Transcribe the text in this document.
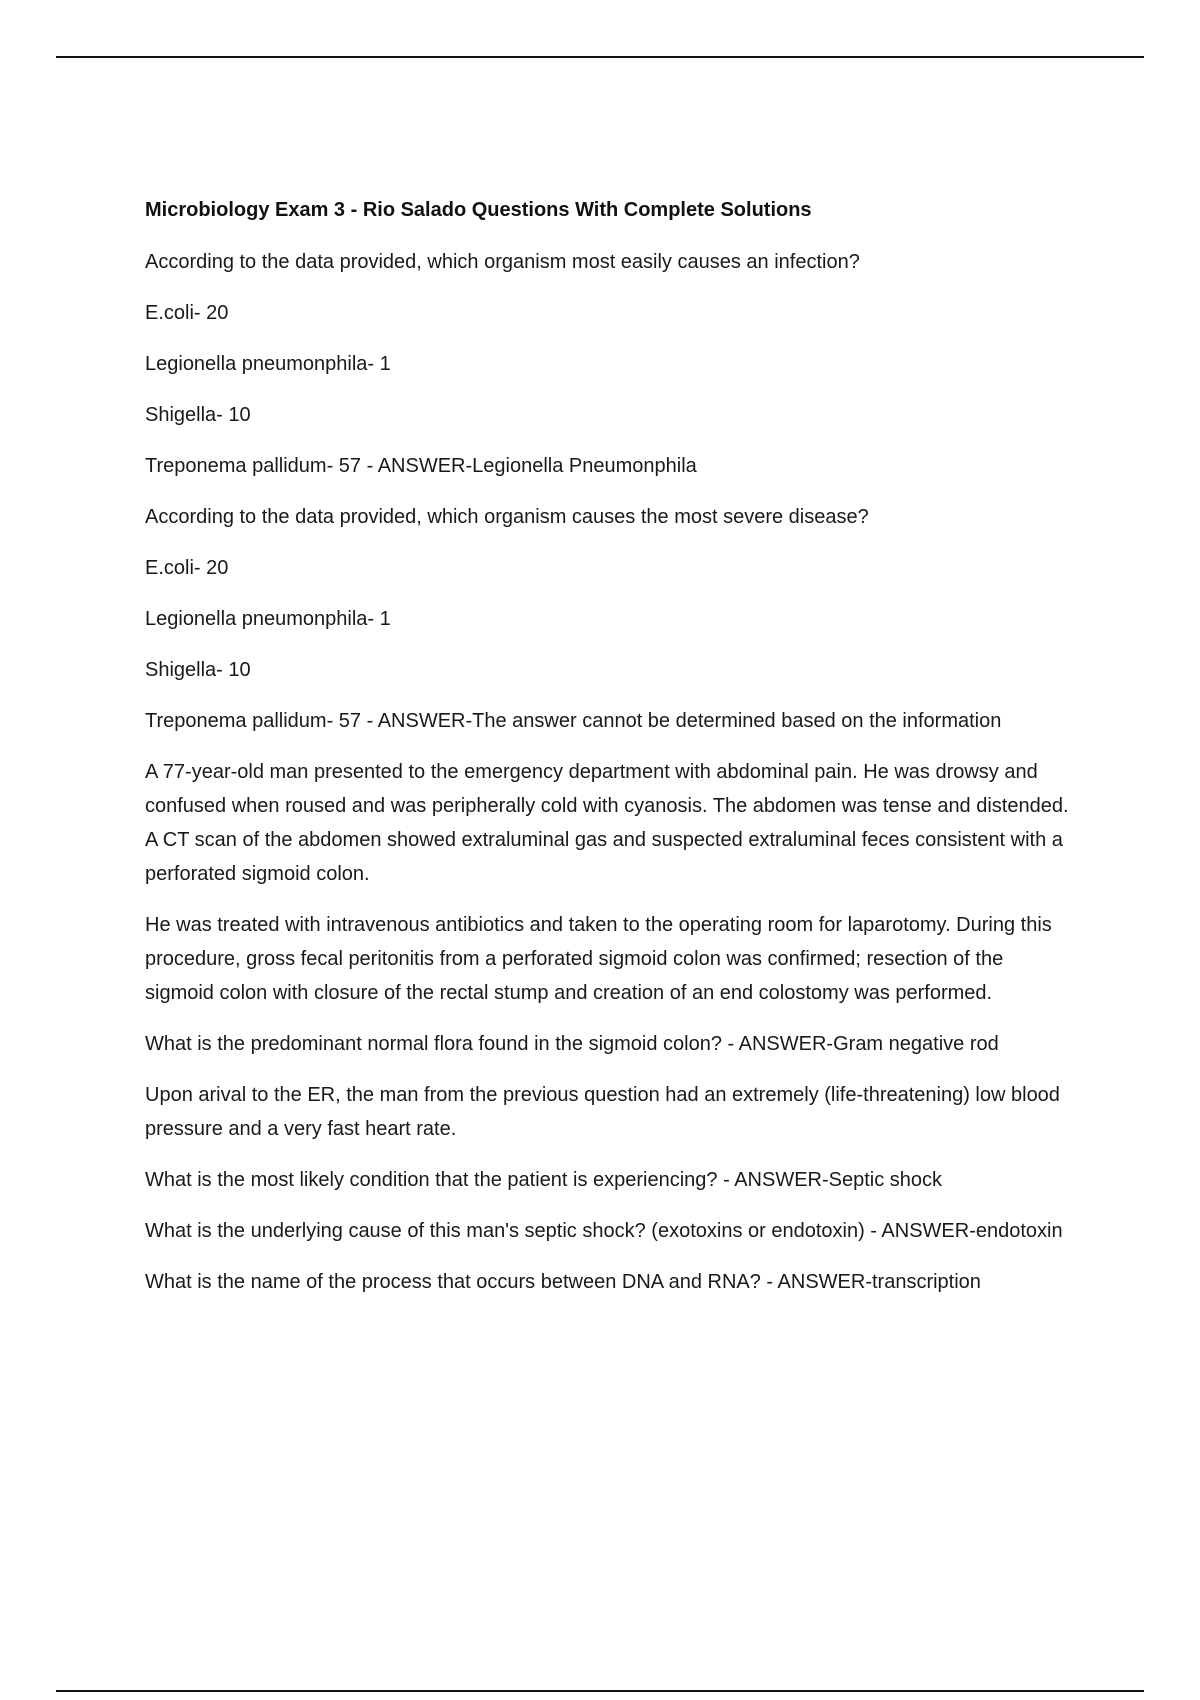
Microbiology Exam 3 - Rio Salado Questions With Complete Solutions

According to the data provided, which organism most easily causes an infection?

E.coli- 20

Legionella pneumonphila- 1

Shigella- 10

Treponema pallidum- 57 - ANSWER-Legionella Pneumonphila

According to the data provided, which organism causes the most severe disease?

E.coli- 20

Legionella pneumonphila- 1

Shigella- 10

Treponema pallidum- 57 - ANSWER-The answer cannot be determined based on the information

A 77-year-old man presented to the emergency department with abdominal pain. He was drowsy and confused when roused and was peripherally cold with cyanosis. The abdomen was tense and distended. A CT scan of the abdomen showed extraluminal gas and suspected extraluminal feces consistent with a perforated sigmoid colon.

He was treated with intravenous antibiotics and taken to the operating room for laparotomy. During this procedure, gross fecal peritonitis from a perforated sigmoid colon was confirmed; resection of the sigmoid colon with closure of the rectal stump and creation of an end colostomy was performed.

What is the predominant normal flora found in the sigmoid colon? - ANSWER-Gram negative rod

Upon arival to the ER, the man from the previous question had an extremely (life-threatening) low blood pressure and a very fast heart rate.

What is the most likely condition that the patient is experiencing? - ANSWER-Septic shock

What is the underlying cause of this man's septic shock? (exotoxins or endotoxin) - ANSWER-endotoxin

What is the name of the process that occurs between DNA and RNA? - ANSWER-transcription
